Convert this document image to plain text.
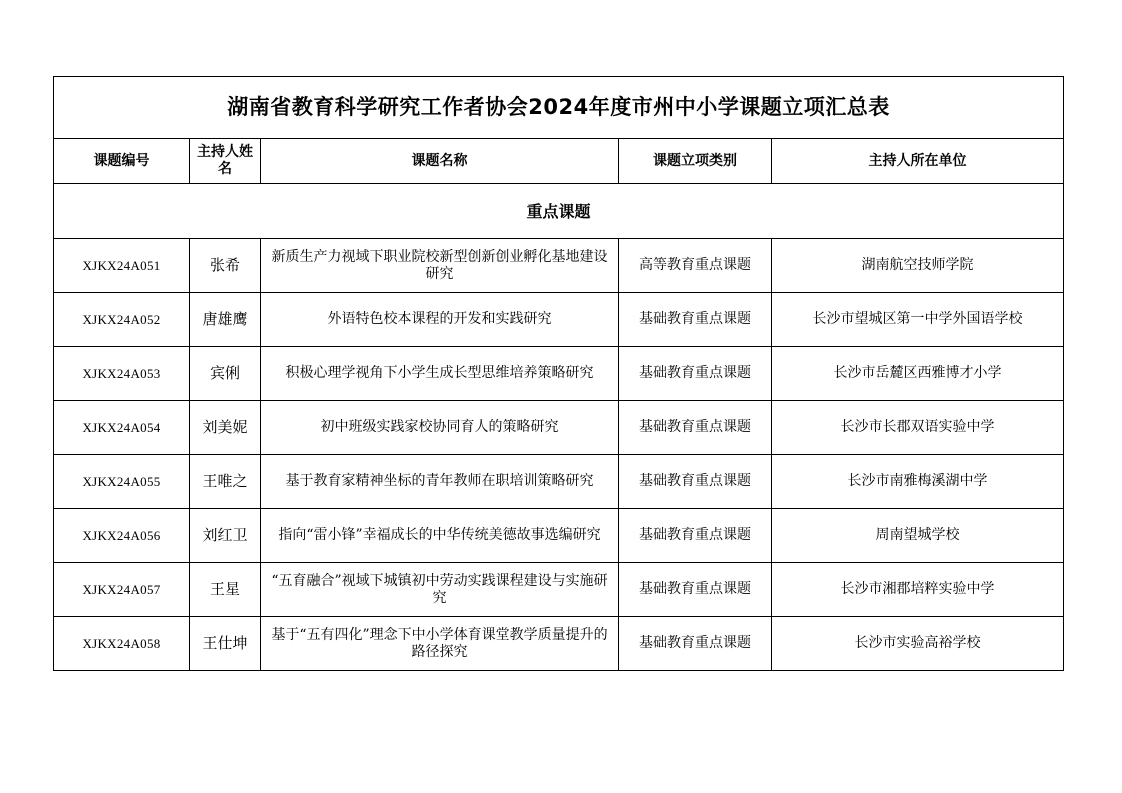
湖南省教育科学研究工作者协会2024年度市州中小学课题立项汇总表				
课题编号	主持人姓名	课题名称	课题立项类别	主持人所在单位
重点课题				
XJKX24A051	张希	新质生产力视域下职业院校新型创新创业孵化基地建设研究	高等教育重点课题	湖南航空技师学院
XJKX24A052	唐雄鹰	外语特色校本课程的开发和实践研究	基础教育重点课题	长沙市望城区第一中学外国语学校
XJKX24A053	宾俐	积极心理学视角下小学生成长型思维培养策略研究	基础教育重点课题	长沙市岳麓区西雅博才小学
XJKX24A054	刘美妮	初中班级实践家校协同育人的策略研究	基础教育重点课题	长沙市长郡双语实验中学
XJKX24A055	王唯之	基于教育家精神坐标的青年教师在职培训策略研究	基础教育重点课题	长沙市南雅梅溪湖中学
XJKX24A056	刘红卫	指向“雷小锋”幸福成长的中华传统美德故事选编研究	基础教育重点课题	周南望城学校
XJKX24A057	王星	“五育融合”视域下城镇初中劳动实践课程建设与实施研究	基础教育重点课题	长沙市湘郡培粹实验中学
XJKX24A058	王仕坤	基于“五有四化”理念下中小学体育课堂教学质量提升的路径探究	基础教育重点课题	长沙市实验高裕学校
